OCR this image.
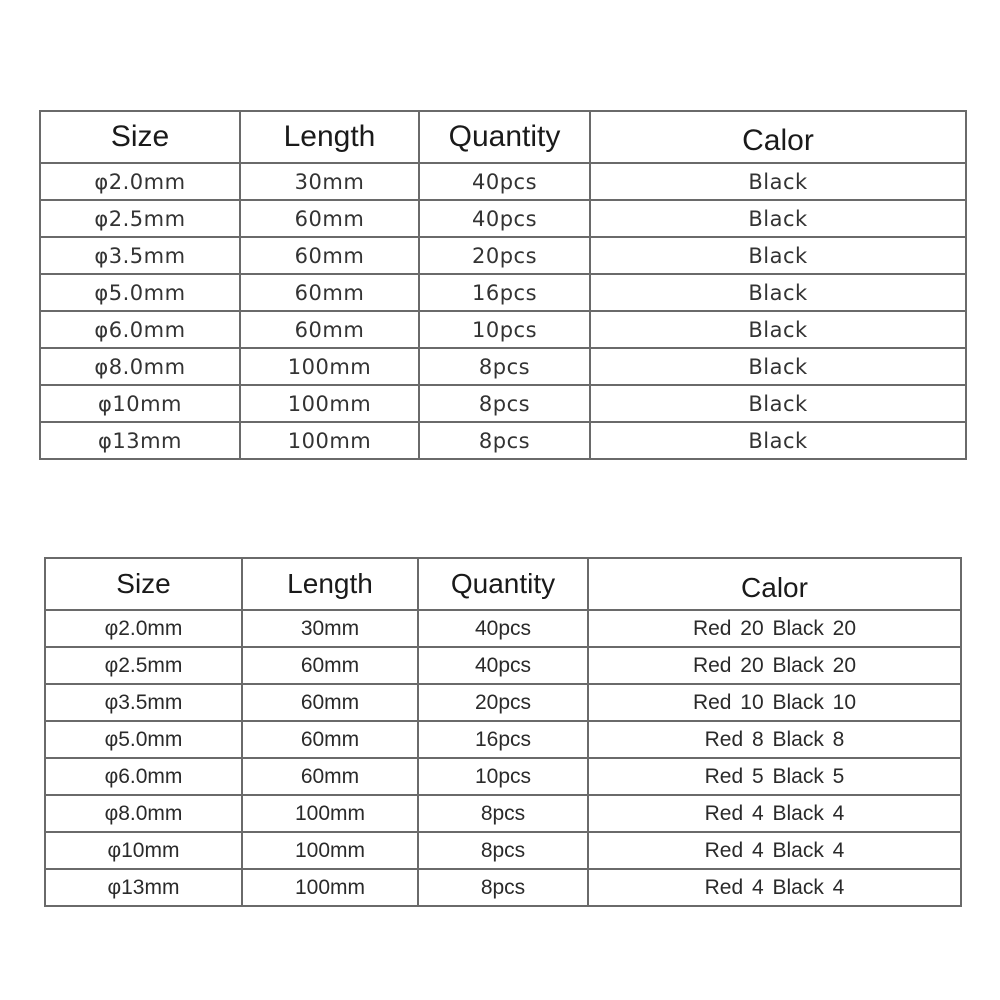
Size	Length	Quantity	Calor
φ2.0mm	30mm	40pcs	Black
φ2.5mm	60mm	40pcs	Black
φ3.5mm	60mm	20pcs	Black
φ5.0mm	60mm	16pcs	Black
φ6.0mm	60mm	10pcs	Black
φ8.0mm	100mm	8pcs	Black
φ10mm	100mm	8pcs	Black
φ13mm	100mm	8pcs	Black
Size	Length	Quantity	Calor
φ2.0mm	30mm	40pcs	Red 20 Black 20
φ2.5mm	60mm	40pcs	Red 20 Black 20
φ3.5mm	60mm	20pcs	Red 10 Black 10
φ5.0mm	60mm	16pcs	Red 8 Black 8
φ6.0mm	60mm	10pcs	Red 5 Black 5
φ8.0mm	100mm	8pcs	Red 4 Black 4
φ10mm	100mm	8pcs	Red 4 Black 4
φ13mm	100mm	8pcs	Red 4 Black 4
